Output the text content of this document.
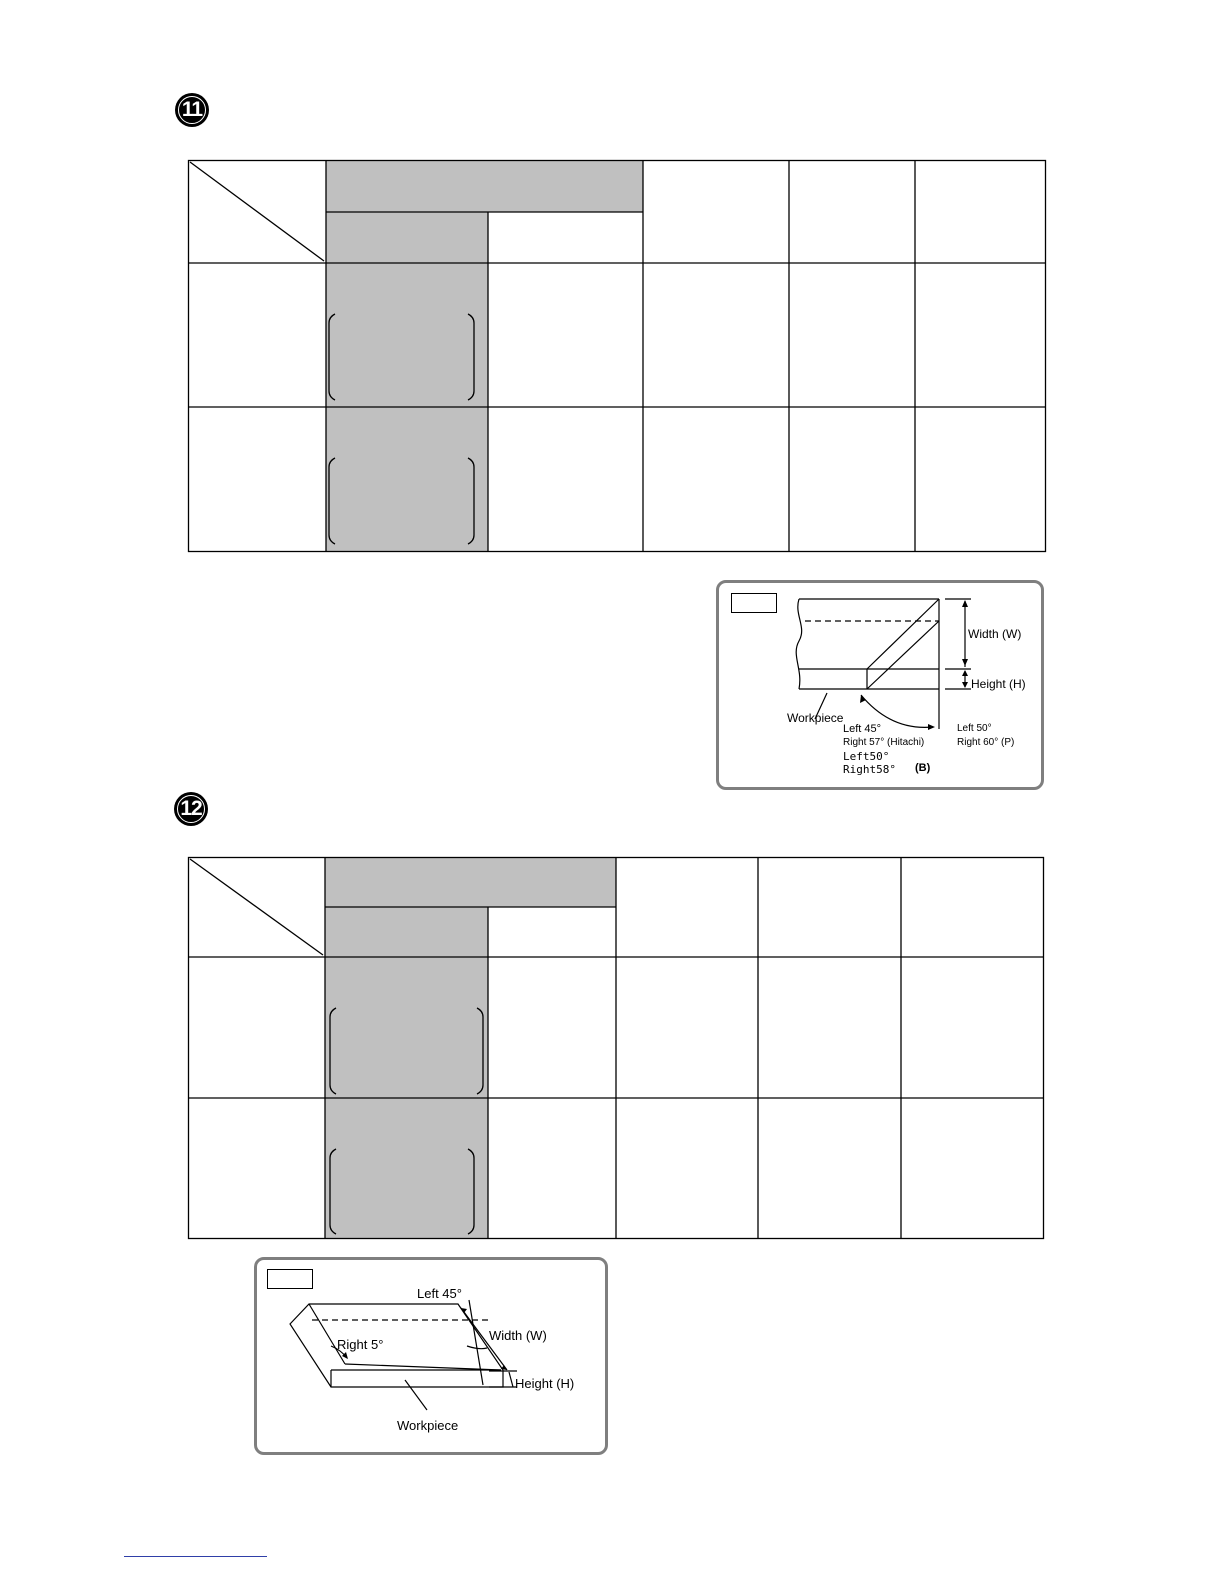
11
Width (W)
Height (H)
Workpiece
Left 45°
Right 57° (Hitachi)
Left50°
Right58° (B)
Left 50°
Right 60° (P)
12
Left 45°
Right 5°
Width (W)
Height (H)
Workpiece
